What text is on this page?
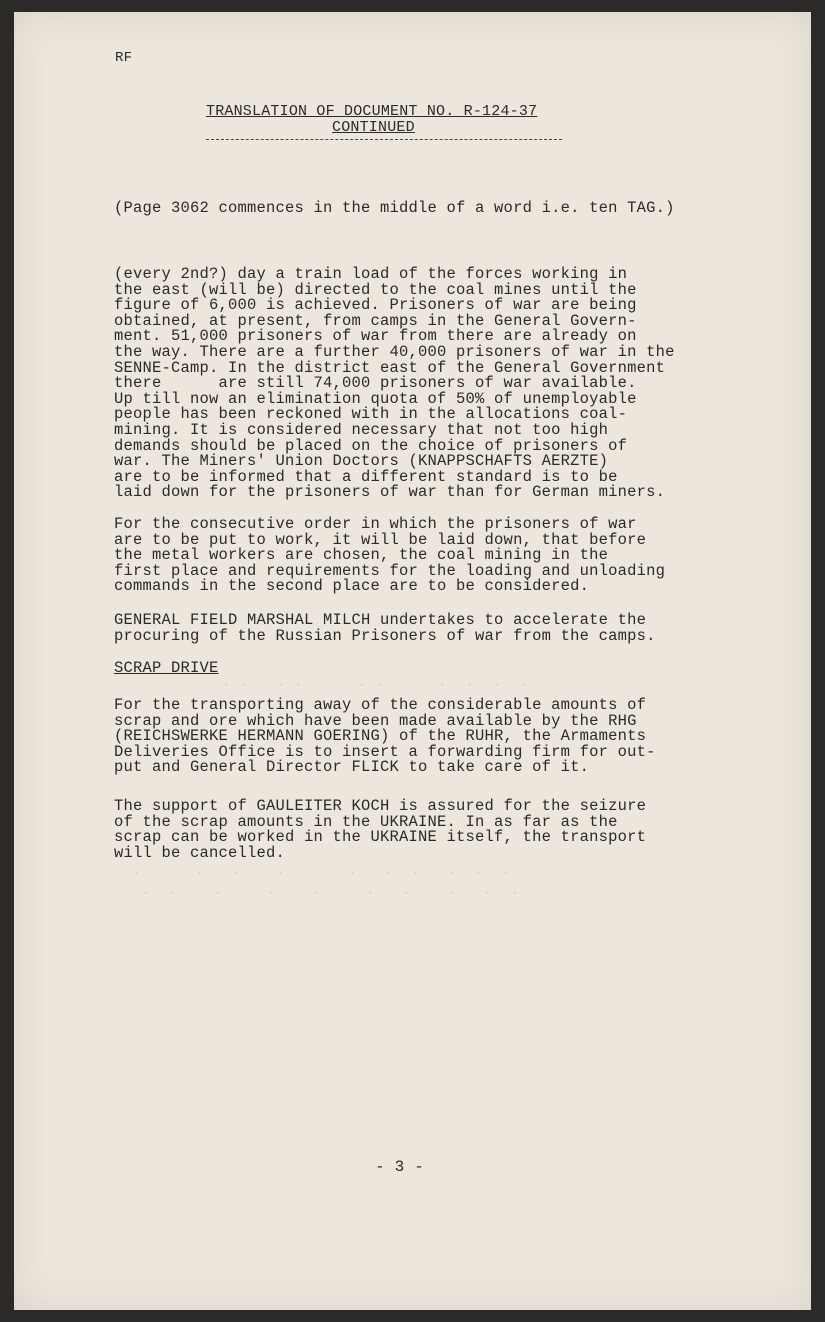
RF
TRANSLATION OF DOCUMENT NO. R-124-37
CONTINUED
(Page 3062 commences in the middle of a word i.e. ten TAG.)
(every 2nd?) day a train load of the forces working in
the east (will be) directed to the coal mines until the
figure of 6,000 is achieved. Prisoners of war are being
obtained, at present, from camps in the General Govern-
ment. 51,000 prisoners of war from there are already on
the way. There are a further 40,000 prisoners of war in the
SENNE-Camp. In the district east of the General Government
there      are still 74,000 prisoners of war available.
Up till now an elimination quota of 50% of unemployable
people has been reckoned with in the allocations coal-
mining. It is considered necessary that not too high
demands should be placed on the choice of prisoners of
war. The Miners' Union Doctors (KNAPPSCHAFTS AERZTE)
are to be informed that a different standard is to be
laid down for the prisoners of war than for German miners.
For the consecutive order in which the prisoners of war
are to be put to work, it will be laid down, that before
the metal workers are chosen, the coal mining in the
first place and requirements for the loading and unloading
commands in the second place are to be considered.
GENERAL FIELD MARSHAL MILCH undertakes to accelerate the
procuring of the Russian Prisoners of war from the camps.
SCRAP DRIVE
. .   . .      . .      .  .  .  .
For the transporting away of the considerable amounts of
scrap and ore which have been made available by the RHG
(REICHSWERKE HERMANN GOERING) of the RUHR, the Armaments
Deliveries Office is to insert a forwarding firm for out-
put and General Director FLICK to take care of it.
The support of GAULEITER KOCH is assured for the seizure
of the scrap amounts in the UKRAINE. In as far as the
scrap can be worked in the UKRAINE itself, the transport
will be cancelled.
.      .   .    .       .   .  .   .  .  .
.  .    .     .    .     .   .    .   .  .
- 3 -
